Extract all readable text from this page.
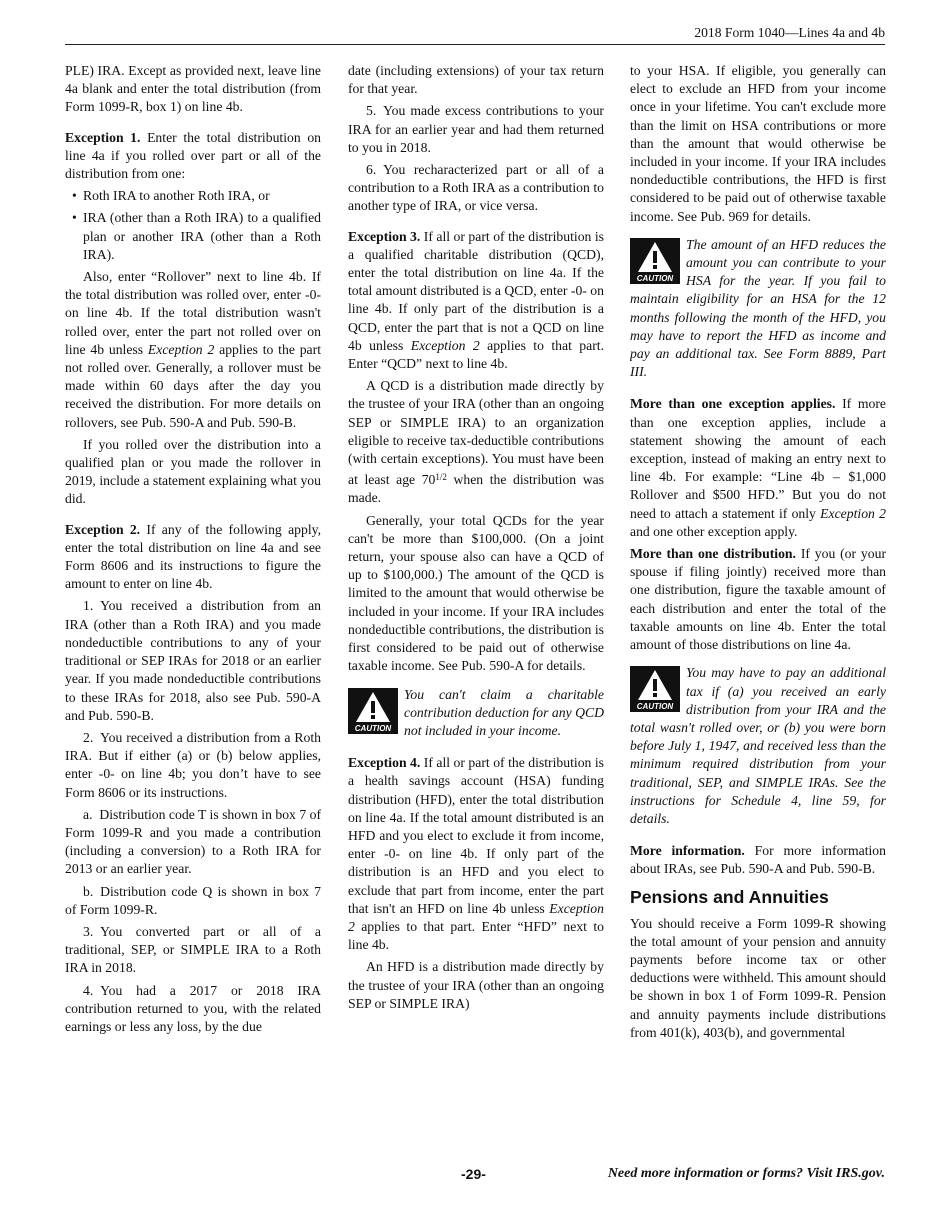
2018 Form 1040—Lines 4a and 4b

PLE) IRA. Except as provided next, leave line 4a blank and enter the total distribution (from Form 1099-R, box 1) on line 4b.

Exception 1. Enter the total distribution on line 4a if you rolled over part or all of the distribution from one:

• Roth IRA to another Roth IRA, or

• IRA (other than a Roth IRA) to a qualified plan or another IRA (other than a Roth IRA).

Also, enter “Rollover” next to line 4b. If the total distribution was rolled over, enter -0- on line 4b. If the total distribution wasn't rolled over, enter the part not rolled over on line 4b unless Exception 2 applies to the part not rolled over. Generally, a rollover must be made within 60 days after the day you received the distribution. For more details on rollovers, see Pub. 590-A and Pub. 590-B.

If you rolled over the distribution into a qualified plan or you made the rollover in 2019, include a statement explaining what you did.

Exception 2. If any of the following apply, enter the total distribution on line 4a and see Form 8606 and its instructions to figure the amount to enter on line 4b.

1. You received a distribution from an IRA (other than a Roth IRA) and you made nondeductible contributions to any of your traditional or SEP IRAs for 2018 or an earlier year. If you made nondeductible contributions to these IRAs for 2018, also see Pub. 590-A and Pub. 590-B.

2. You received a distribution from a Roth IRA. But if either (a) or (b) below applies, enter -0- on line 4b; you don’t have to see Form 8606 or its instructions.

a. Distribution code T is shown in box 7 of Form 1099-R and you made a contribution (including a conversion) to a Roth IRA for 2013 or an earlier year.

b. Distribution code Q is shown in box 7 of Form 1099-R.

3. You converted part or all of a traditional, SEP, or SIMPLE IRA to a Roth IRA in 2018.

4. You had a 2017 or 2018 IRA contribution returned to you, with the related earnings or less any loss, by the due

date (including extensions) of your tax return for that year.

5. You made excess contributions to your IRA for an earlier year and had them returned to you in 2018.

6. You recharacterized part or all of a contribution to a Roth IRA as a contribution to another type of IRA, or vice versa.

Exception 3. If all or part of the distribution is a qualified charitable distribution (QCD), enter the total distribution on line 4a. If the total amount distributed is a QCD, enter -0- on line 4b. If only part of the distribution is a QCD, enter the part that is not a QCD on line 4b unless Exception 2 applies to that part. Enter “QCD” next to line 4b.

A QCD is a distribution made directly by the trustee of your IRA (other than an ongoing SEP or SIMPLE IRA) to an organization eligible to receive tax-deductible contributions (with certain exceptions). You must have been at least age $70^{1/2}$ when the distribution was made.

Generally, your total QCDs for the year can't be more than $100,000. (On a joint return, your spouse also can have a QCD of up to $100,000.) The amount of the QCD is limited to the amount that would otherwise be included in your income. If your IRA includes nondeductible contributions, the distribution is first considered to be paid out of otherwise taxable income. See Pub. 590-A for details.

CAUTION
You can't claim a charitable contribution deduction for any QCD not included in your income.

Exception 4. If all or part of the distribution is a health savings account (HSA) funding distribution (HFD), enter the total distribution on line 4a. If the total amount distributed is an HFD and you elect to exclude it from income, enter -0- on line 4b. If only part of the distribution is an HFD and you elect to exclude that part from income, enter the part that isn't an HFD on line 4b unless Exception 2 applies to that part. Enter “HFD” next to line 4b.

An HFD is a distribution made directly by the trustee of your IRA (other than an ongoing SEP or SIMPLE IRA)

to your HSA. If eligible, you generally can elect to exclude an HFD from your income once in your lifetime. You can't exclude more than the limit on HSA contributions or more than the amount that would otherwise be included in your income. If your IRA includes nondeductible contributions, the HFD is first considered to be paid out of otherwise taxable income. See Pub. 969 for details.

CAUTION
The amount of an HFD reduces the amount you can contribute to your HSA for the year. If you fail to maintain eligibility for an HSA for the 12 months following the month of the HFD, you may have to report the HFD as income and pay an additional tax. See Form 8889, Part III.

More than one exception applies. If more than one exception applies, include a statement showing the amount of each exception, instead of making an entry next to line 4b. For example: “Line 4b – $1,000 Rollover and $500 HFD.” But you do not need to attach a statement if only Exception 2 and one other exception apply.

More than one distribution. If you (or your spouse if filing jointly) received more than one distribution, figure the taxable amount of each distribution and enter the total of the taxable amounts on line 4b. Enter the total amount of those distributions on line 4a.

CAUTION
You may have to pay an additional tax if (a) you received an early distribution from your IRA and the total wasn't rolled over, or (b) you were born before July 1, 1947, and received less than the minimum required distribution from your traditional, SEP, and SIMPLE IRAs. See the instructions for Schedule 4, line 59, for details.

More information. For more information about IRAs, see Pub. 590-A and Pub. 590-B.

Pensions and Annuities

You should receive a Form 1099-R showing the total amount of your pension and annuity payments before income tax or other deductions were withheld. This amount should be shown in box 1 of Form 1099-R. Pension and annuity payments include distributions from 401(k), 403(b), and governmental

-29-	Need more information or forms? Visit IRS.gov.
